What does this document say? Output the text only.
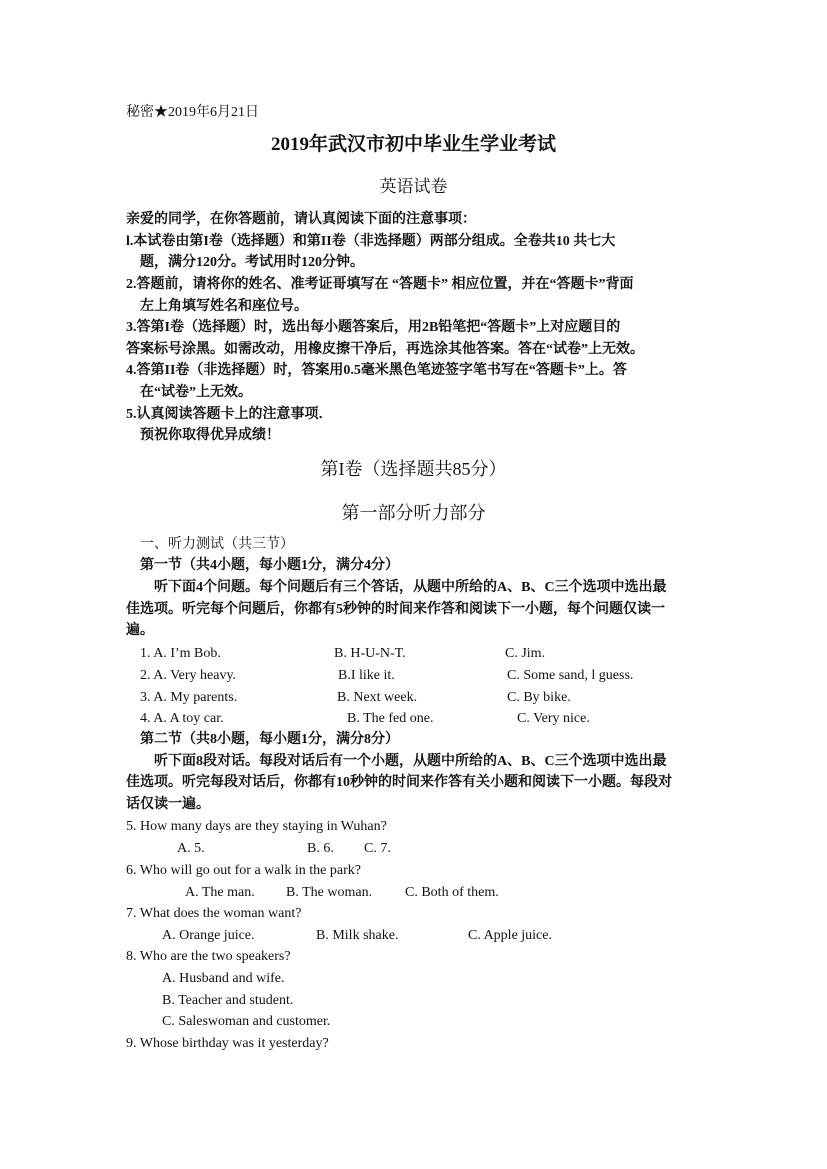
秘密★2019年6月21日
2019年武汉市初中毕业生学业考试
英语试卷
亲爱的同学，在你答题前，请认真阅读下面的注意事项：
l.本试卷由第I卷（选择题）和第II卷（非选择题）两部分组成。全卷共10 共七大
题，满分120分。考试用时120分钟。
2.答题前，请将你的姓名、准考证哥填写在 “答题卡” 相应位置，并在“答题卡”背面
左上角填写姓名和座位号。
3.答第I卷（选择题）时，选出每小题答案后，用2B铅笔把“答题卡”上对应题目的
答案标号涂黑。如需改动，用橡皮擦干净后，再选涂其他答案。答在“试卷”上无效。
4.答第II卷（非选择题）时，答案用0.5毫米黑色笔迹签字笔书写在“答题卡”上。答
在“试卷”上无效。
5.认真阅读答题卡上的注意事项．
预祝你取得优异成绩！
第I卷（选择题共85分）
第一部分听力部分
一、听力测试（共三节）
第一节（共4小题，每小题1分，满分4分）
听下面4个问题。每个问题后有三个答话，从题中所给的A、B、C三个选项中选出最
佳选项。听完每个问题后，你都有5秒钟的时间来作答和阅读下一小题，每个问题仅读一
遍。
1. A. I’m Bob.	B. H-U-N-T.	C. Jim.
2. A. Very heavy.	B.I like it.	C. Some sand, l guess.
3. A. My parents.	B. Next week.	C. By bike.
4. A. A toy car.	B. The fed one.	C. Very nice.
第二节（共8小题，每小题1分，满分8分）
听下面8段对话。每段对话后有一个小题，从题中所给的A、B、C三个选项中选出最
佳选项。听完每段对话后，你都有10秒钟的时间来作答有关小题和阅读下一小题。每段对
话仅读一遍。
5. How many days are they staying in Wuhan?
A. 5.	B. 6. C. 7.
6. Who will go out for a walk in the park?
A. The man. B. The woman. C. Both of them.
7. What does the woman want?
A. Orange juice.	B. Milk shake.	C. Apple juice.
8. Who are the two speakers?
A. Husband and wife.
B. Teacher and student.
C. Saleswoman and customer.
9. Whose birthday was it yesterday?
